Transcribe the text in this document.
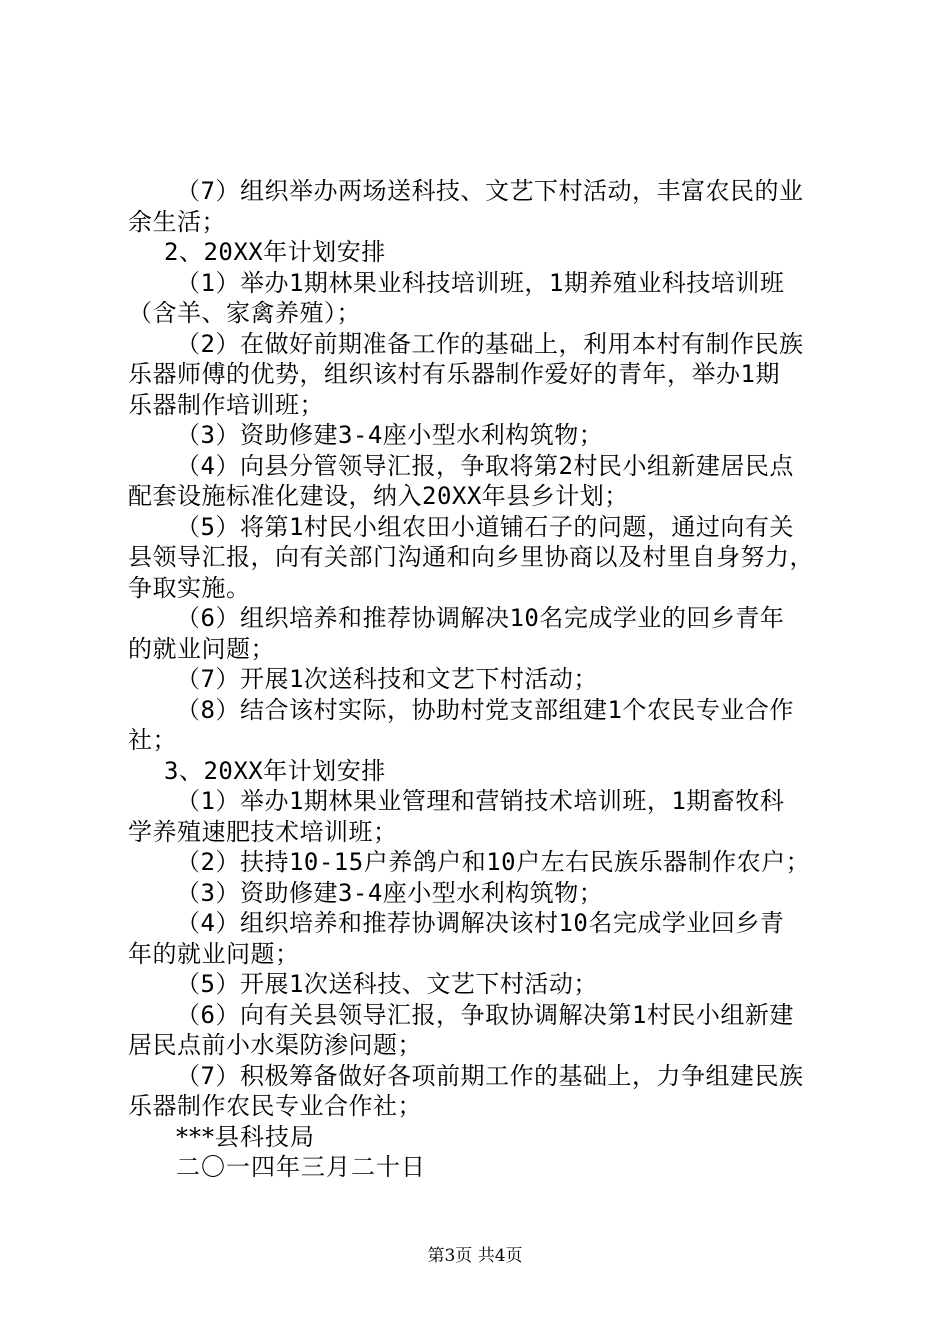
（7）组织举办两场送科技、文艺下村活动，丰富农民的业
余生活；
2、20XX年计划安排
（1）举办1期林果业科技培训班，1期养殖业科技培训班
（含羊、家禽养殖）；
（2）在做好前期准备工作的基础上，利用本村有制作民族
乐器师傅的优势，组织该村有乐器制作爱好的青年，举办1期
乐器制作培训班；
（3）资助修建3-4座小型水利构筑物；
（4）向县分管领导汇报，争取将第2村民小组新建居民点
配套设施标准化建设，纳入20XX年县乡计划；
（5）将第1村民小组农田小道铺石子的问题，通过向有关
县领导汇报，向有关部门沟通和向乡里协商以及村里自身努力，
争取实施。
（6）组织培养和推荐协调解决10名完成学业的回乡青年
的就业问题；
（7）开展1次送科技和文艺下村活动；
（8）结合该村实际，协助村党支部组建1个农民专业合作
社；
3、20XX年计划安排
（1）举办1期林果业管理和营销技术培训班，1期畜牧科
学养殖速肥技术培训班；
（2）扶持10-15户养鸽户和10户左右民族乐器制作农户；
（3）资助修建3-4座小型水利构筑物；
（4）组织培养和推荐协调解决该村10名完成学业回乡青
年的就业问题；
（5）开展1次送科技、文艺下村活动；
（6）向有关县领导汇报，争取协调解决第1村民小组新建
居民点前小水渠防渗问题；
（7）积极筹备做好各项前期工作的基础上，力争组建民族
乐器制作农民专业合作社；
***县科技局
二〇一四年三月二十日
第3页 共4页
